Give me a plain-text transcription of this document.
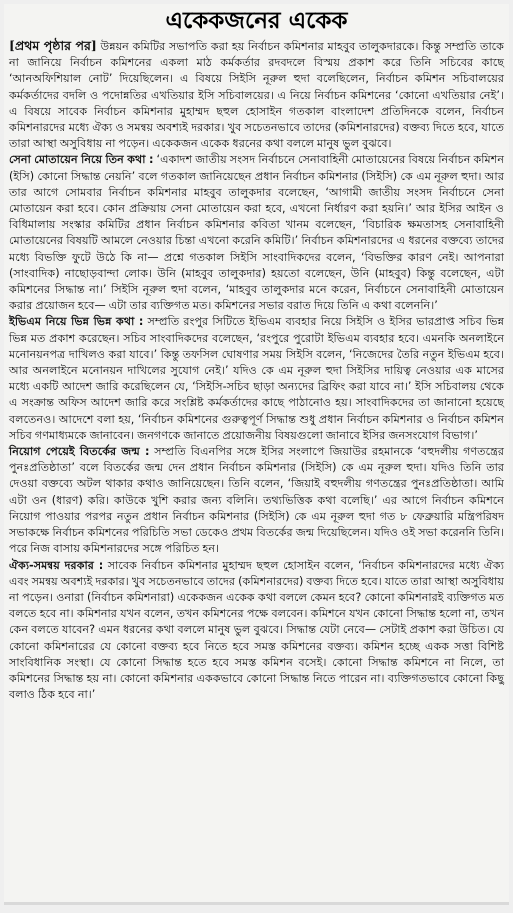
একেকজনের একেক

[প্রথম পৃষ্ঠার পর] উন্নয়ন কমিটির সভাপতি করা হয় নির্বাচন কমিশনার মাহবুব তালুকদারকে। কিন্তু সম্প্রতি তাকে না জানিয়ে নির্বাচন কমিশনের একলা মাঠ কর্মকর্তার রদবদলে বিস্ময় প্রকাশ করে তিনি সচিবের কাছে ‘আনঅফিশিয়াল নোট’ দিয়েছিলেন। এ বিষয়ে সিইসি নূরুল হুদা বলেছিলেন, নির্বাচন কমিশন সচিবালয়ের কর্মকর্তাদের বদলি ও পদোন্নতির এখতিয়ার ইসি সচিবালয়ের। এ নিয়ে নির্বাচন কমিশনের ‘কোনো এখতিয়ার নেই’। এ বিষয়ে সাবেক নির্বাচন কমিশনার মুহাম্মদ ছহুল হোসাইন গতকাল বাংলাদেশ প্রতিদিনকে বলেন, নির্বাচন কমিশনারদের মধ্যে ঐক্য ও সমন্বয় অবশ্যই দরকার। খুব সচেতনভাবে তাদের (কমিশনারদের) বক্তব্য দিতে হবে, যাতে তারা আস্থা অসুবিধায় না পড়েন। একেকজন একেক ধরনের কথা বললে মানুষ ভুল বুঝবে।

সেনা মোতায়েন নিয়ে তিন কথা : ‘একাদশ জাতীয় সংসদ নির্বাচনে সেনাবাহিনী মোতায়েনের বিষয়ে নির্বাচন কমিশন (ইসি) কোনো সিদ্ধান্ত নেয়নি’ বলে গতকাল জানিয়েছেন প্রধান নির্বাচন কমিশনার (সিইসি) কে এম নূরুল হুদা। আর তার আগে সোমবার নির্বাচন কমিশনার মাহবুব তালুকদার বলেছেন, ‘আগামী জাতীয় সংসদ নির্বাচনে সেনা মোতায়েন করা হবে। কোন প্রক্রিয়ায় সেনা মোতায়েন করা হবে, এখনো নির্ধারণ করা হয়নি।’ আর ইসির আইন ও বিধিমালায় সংস্কার কমিটির প্রধান নির্বাচন কমিশনার কবিতা খানম বলেছেন, ‘বিচারিক ক্ষমতাসহ সেনাবাহিনী মোতায়েনের বিষয়টি আমলে নেওয়ার চিন্তা এখনো করেনি কমিটি।’ নির্বাচন কমিশনারদের এ ধরনের বক্তব্যে তাদের মধ্যে বিভক্তি ফুটে উঠে কি না— প্রশ্নে গতকাল সিইসি সাংবাদিকদের বলেন, ‘বিভক্তির কারণ নেই। আপনারা (সাংবাদিক) নাছোড়বান্দা লোক। উনি (মাহবুব তালুকদার) হয়তো বলেছেন, উনি (মাহবুব) কিন্তু বলেছেন, এটা কমিশনের সিদ্ধান্ত না।’ সিইসি নূরুল হুদা বলেন, ‘মাহবুব তালুকদার মনে করেন, নির্বাচনে সেনাবাহিনী মোতায়েন করার প্রয়োজন হবে— এটা তার ব্যক্তিগত মত। কমিশনের সভার বরাত দিয়ে তিনি এ কথা বলেননি।’

ইভিএম নিয়ে ভিন্ন ভিন্ন কথা : সম্প্রতি রংপুর সিটিতে ইভিএম ব্যবহার নিয়ে সিইসি ও ইসির ভারপ্রাপ্ত সচিব ভিন্ন ভিন্ন মত প্রকাশ করেছেন। সচিব সাংবাদিকদের বলেছেন, ‘রংপুরে পুরোটা ইভিএম ব্যবহার হবে। এমনকি অনলাইনে মনোনয়নপত্র দাখিলও করা যাবে।’ কিন্তু তফসিল ঘোষণার সময় সিইসি বলেন, ‘নিজেদের তৈরি নতুন ইভিএম হবে। আর অনলাইনে মনোনয়ন দাখিলের সুযোগ নেই।’ যদিও কে এম নূরুল হুদা সিইসির দায়িত্ব নেওয়ার এক মাসের মধ্যে একটি আদেশ জারি করেছিলেন যে, ‘সিইসি-সচিব ছাড়া অন্যদের ব্রিফিং করা যাবে না।’ ইসি সচিবালয় থেকে এ সংক্রান্ত অফিস আদেশ জারি করে সংশ্লিষ্ট কর্মকর্তাদের কাছে পাঠানোও হয়। সাংবাদিকদের তা জানানো হয়েছে বলতেনও। আদেশে বলা হয়, ‘নির্বাচন কমিশনের গুরুত্বপূর্ণ সিদ্ধান্ত শুধু প্রধান নির্বাচন কমিশনার ও নির্বাচন কমিশন সচিব গণমাধ্যমকে জানাবেন। জনগণকে জানাতে প্রয়োজনীয় বিষয়গুলো জানাবে ইসির জনসংযোগ বিভাগ।’

নিয়োগ পেয়েই বিতর্কের জন্ম : সম্প্রতি বিএনপির সঙ্গে ইসির সংলাপে জিয়াউর রহমানকে ‘বহুদলীয় গণতন্ত্রের পুনঃপ্রতিষ্ঠাতা’ বলে বিতর্কের জন্ম দেন প্রধান নির্বাচন কমিশনার (সিইসি) কে এম নূরুল হুদা। যদিও তিনি তার দেওয়া বক্তব্যে অটল থাকার কথাও জানিয়েছেন। তিনি বলেন, ‘জিয়াই বহুদলীয় গণতন্ত্রের পুনঃপ্রতিষ্ঠাতা। আমি এটা ওন (ধারণ) করি। কাউকে খুশি করার জন্য বলিনি। তথ্যভিত্তিক কথা বলেছি।’ এর আগে নির্বাচন কমিশনে নিয়োগ পাওয়ার পরপর নতুন প্রধান নির্বাচন কমিশনার (সিইসি) কে এম নূরুল হুদা গত ৮ ফেব্রুয়ারি মন্ত্রিপরিষদ সভাকক্ষে নির্বাচন কমিশনের পরিচিতি সভা ডেকেও প্রথম বিতর্কের জন্ম দিয়েছিলেন। যদিও ওই সভা করেননি তিনি। পরে নিজ বাসায় কমিশনারদের সঙ্গে পরিচিত হন।

ঐক্য-সমন্বয় দরকার : সাবেক নির্বাচন কমিশনার মুহাম্মদ ছহুল হোসাইন বলেন, ‘নির্বাচন কমিশনারদের মধ্যে ঐক্য এবং সমন্বয় অবশ্যই দরকার। খুব সচেতনভাবে তাদের (কমিশনারদের) বক্তব্য দিতে হবে। যাতে তারা আস্থা অসুবিধায় না পড়েন। ওনারা (নির্বাচন কমিশনারা) একেকজন একেক কথা বললে কেমন হবে? কোনো কমিশনারই ব্যক্তিগত মত বলতে হবে না। কমিশনার যখন বলেন, তখন কমিশনের পক্ষে বলবেন। কমিশনে যখন কোনো সিদ্ধান্ত হলো না, তখন কেন বলতে যাবেন? এমন ধরনের কথা বললে মানুষ ভুল বুঝবে। সিদ্ধান্ত যেটা নেবে— সেটাই প্রকাশ করা উচিত। যে কোনো কমিশনারের যে কোনো বক্তব্য হবে নিতে হবে সমস্ত কমিশনের বক্তব্য। কমিশন হচ্ছে একক সত্তা বিশিষ্ট সাংবিধানিক সংস্থা। যে কোনো সিদ্ধান্ত হতে হবে সমস্ত কমিশন বসেই। কোনো সিদ্ধান্ত কমিশনে না নিলে, তা কমিশনের সিদ্ধান্ত হয় না। কোনো কমিশনার এককভাবে কোনো সিদ্ধান্ত নিতে পারেন না। ব্যক্তিগতভাবে কোনো কিছু বলাও ঠিক হবে না।’
